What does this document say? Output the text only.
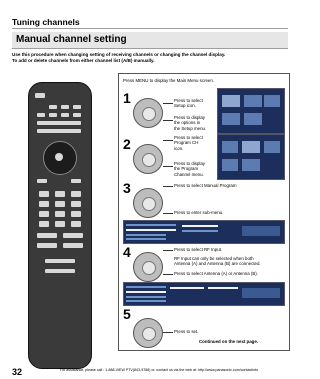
Tuning channels
Manual channel setting
Use this procedure when changing setting of receiving channels or changing the channel display.
To add or delete channels from either channel list (A/B) manually.
Press MENU to display the Main Menu screen.
1	Press to select
Setup icon.
Press to display
the options in
the Setup menu.
2	Press to select
Program CH
icon.
Press to display
the Program
Channel menu.
3	Press to select Manual Program
Press to enter sub-menu.
4	Press to select RF Input.
RF Input can only be selected when both
Antenna (A) and Antenna (B) are connected.
Press to select Antenna (A) or Antenna (B).
5
Press to set.
Continued on the next page.
32	For assistance, please call : 1-888-VIEW PTV(843-9788) or, contact us via the web at: http://www.panasonic.com/contactinfo
